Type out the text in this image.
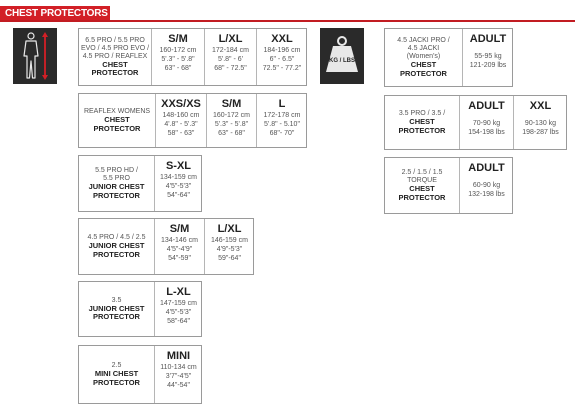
CHEST PROTECTORS
KG / LBS
6.5 PRO / 5.5 PRO
EVO / 4.5 PRO EVO /
4.5 PRO / REAFLEX
CHEST
PROTECTOR
S/M
160-172 cm
5'.3" - 5'.8"
63" - 68"
L/XL
172-184 cm
5'.8" - 6'
68" - 72.5"
XXL
184-196 cm
6" - 6.5"
72.5" - 77.2"
REAFLEX WOMENS
CHEST
PROTECTOR
XXS/XS
148-160 cm
4'.8" - 5'.3"
58" - 63"
S/M
160-172 cm
5'.3" - 5'.8"
63" - 68"
L
172-178 cm
5'.8" - 5.10"
68"- 70"
5.5 PRO HD /
5.5 PRO
JUNIOR CHEST
PROTECTOR
S-XL
134-159 cm
4'5"-5'3"
54"-64"
4.5 PRO / 4.5 / 2.5
JUNIOR CHEST
PROTECTOR
S/M
134-146 cm
4'5"-4'9"
54"-59"
L/XL
146-159 cm
4'9"-5'3"
59"-64"
3.5
JUNIOR CHEST
PROTECTOR
L-XL
147-159 cm
4'5"-5'3"
58"-64"
2.5
MINI CHEST
PROTECTOR
MINI
110-134 cm
3'7"-4'5"
44"-54"
4.5 JACKI PRO /
4.5 JACKI
(Women's)
CHEST
PROTECTOR
ADULT
55-95 kg
121-209 lbs
3.5 PRO / 3.5 /
CHEST
PROTECTOR
ADULT
70-90 kg
154-198 lbs
XXL
90-130 kg
198-287 lbs
2.5 / 1.5 / 1.5
TORQUE
CHEST
PROTECTOR
ADULT
60-90 kg
132-198 lbs
